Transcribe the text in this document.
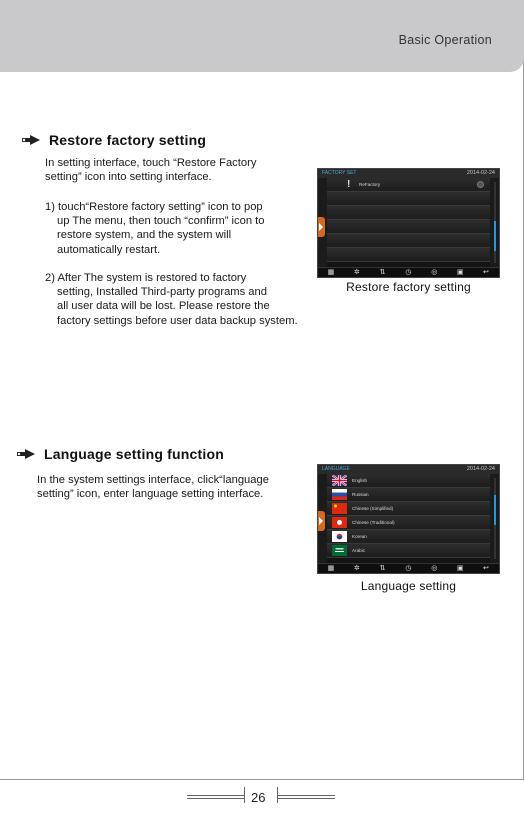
Basic Operation
Restore factory setting
In setting interface, touch “Restore Factory
setting” icon into setting interface.
1) touch“Restore factory setting” icon to pop
up The menu, then touch “confirm” icon to
restore system, and the system will
automatically restart.
2) After The system is restored to factory
setting, Installed Third-party programs and
all user data will be lost. Please restore the
factory settings before user data backup system.
FACTORY SET	2014-02-24
! ReFactory
▦	✲	⇅	◷	◎	▣	↩
Restore factory setting
Language setting function
In the system settings interface, click“language
setting” icon, enter language setting interface.
LANGUAGE	2014-02-24
English
Russian
Chinese (Simplified)
Chinese (Traditional)
Korean
Arabic
▦	✲	⇅	◷	◎	▣	↩
Language setting
26
